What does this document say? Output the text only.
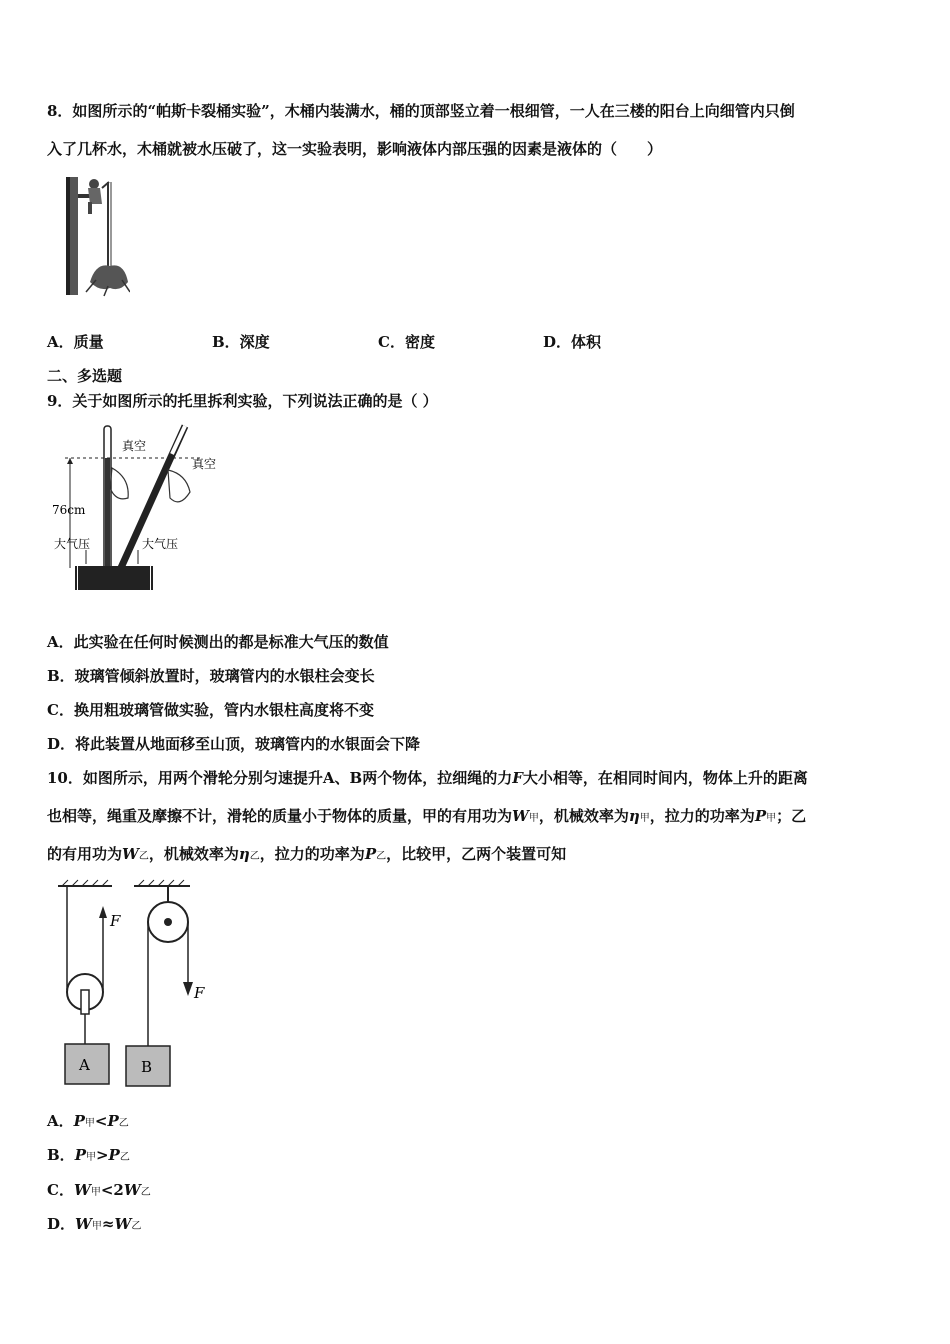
8．如图所示的“帕斯卡裂桶实验”，木桶内装满水，桶的顶部竖立着一根细管，一人在三楼的阳台上向细管内只倒
入了几杯水，木桶就被水压破了，这一实验表明，影响液体内部压强的因素是液体的（　　）
A．质量	B．深度	C．密度	D．体积
二、多选题
9．关于如图所示的托里拆利实验，下列说法正确的是（ ）
真空
真空
76cm
大气压	大气压
A．此实验在任何时候测出的都是标准大气压的数值
B．玻璃管倾斜放置时，玻璃管内的水银柱会变长
C．换用粗玻璃管做实验，管内水银柱高度将不变
D．将此装置从地面移至山顶，玻璃管内的水银面会下降
10．如图所示，用两个滑轮分别匀速提升A、B两个物体，拉细绳的力F大小相等，在相同时间内，物体上升的距离
也相等，绳重及摩擦不计，滑轮的质量小于物体的质量，甲的有用功为W甲，机械效率为η甲，拉力的功率为P甲；乙
的有用功为W乙，机械效率为η乙，拉力的功率为P乙，比较甲，乙两个装置可知
F
F
A	B
A．P甲<P乙
B．P甲>P乙
C．W甲<2W乙
D．W甲≈W乙
